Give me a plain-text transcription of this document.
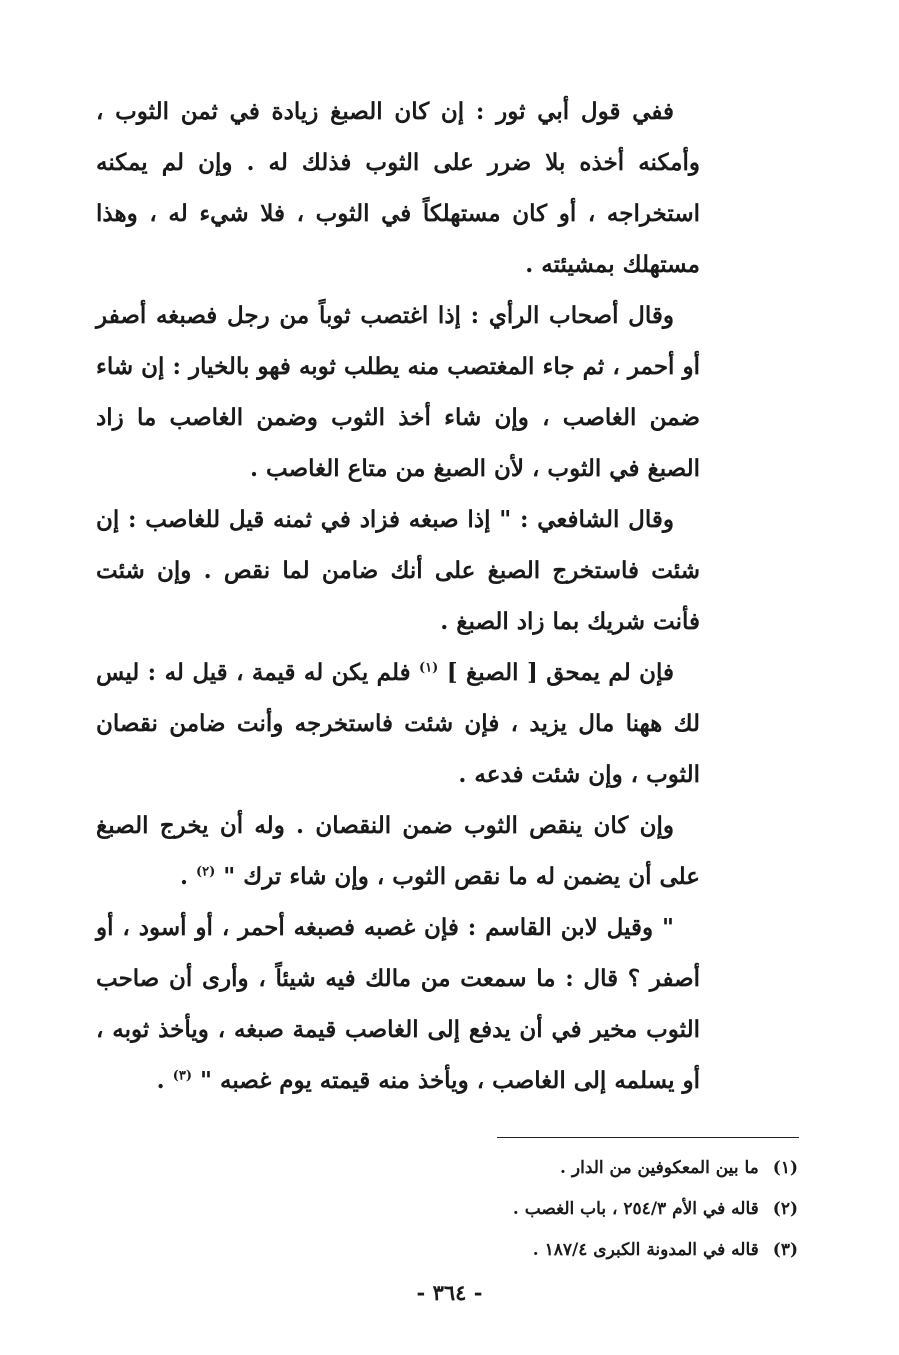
ففي قول أبي ثور : إن كان الصبغ زيادة في ثمن الثوب ، وأمكنه أخذه بلا ضرر على الثوب فذلك له . وإن لم يمكنه استخراجه ، أو كان مستهلكاً في الثوب ، فلا شيء له ، وهذا مستهلك بمشيئته .

وقال أصحاب الرأي : إذا اغتصب ثوباً من رجل فصبغه أصفر أو أحمر ، ثم جاء المغتصب منه يطلب ثوبه فهو بالخيار : إن شاء ضمن الغاصب ، وإن شاء أخذ الثوب وضمن الغاصب ما زاد الصبغ في الثوب ، لأن الصبغ من متاع الغاصب .

وقال الشافعي : " إذا صبغه فزاد في ثمنه قيل للغاصب : إن شئت فاستخرج الصبغ على أنك ضامن لما نقص . وإن شئت فأنت شريك بما زاد الصبغ .

فإن لم يمحق [ الصبغ ] $^{(١)}$ فلم يكن له قيمة ، قيل له : ليس لك ههنا مال يزيد ، فإن شئت فاستخرجه وأنت ضامن نقصان الثوب ، وإن شئت فدعه .

وإن كان ينقص الثوب ضمن النقصان . وله أن يخرج الصبغ على أن يضمن له ما نقص الثوب ، وإن شاء ترك " $^{(٢)}$ .

" وقيل لابن القاسم : فإن غصبه فصبغه أحمر ، أو أسود ، أو أصفر ؟ قال : ما سمعت من مالك فيه شيئاً ، وأرى أن صاحب الثوب مخير في أن يدفع إلى الغاصب قيمة صبغه ، ويأخذ ثوبه ، أو يسلمه إلى الغاصب ، ويأخذ منه قيمته يوم غصبه " $^{(٣)}$ .

(١)ما بين المعكوفين من الدار .
(٢)قاله في الأم ٢٥٤/٣ ، باب الغصب .
(٣)قاله في المدونة الكبرى ١٨٧/٤ .
- ٣٦٤ -
